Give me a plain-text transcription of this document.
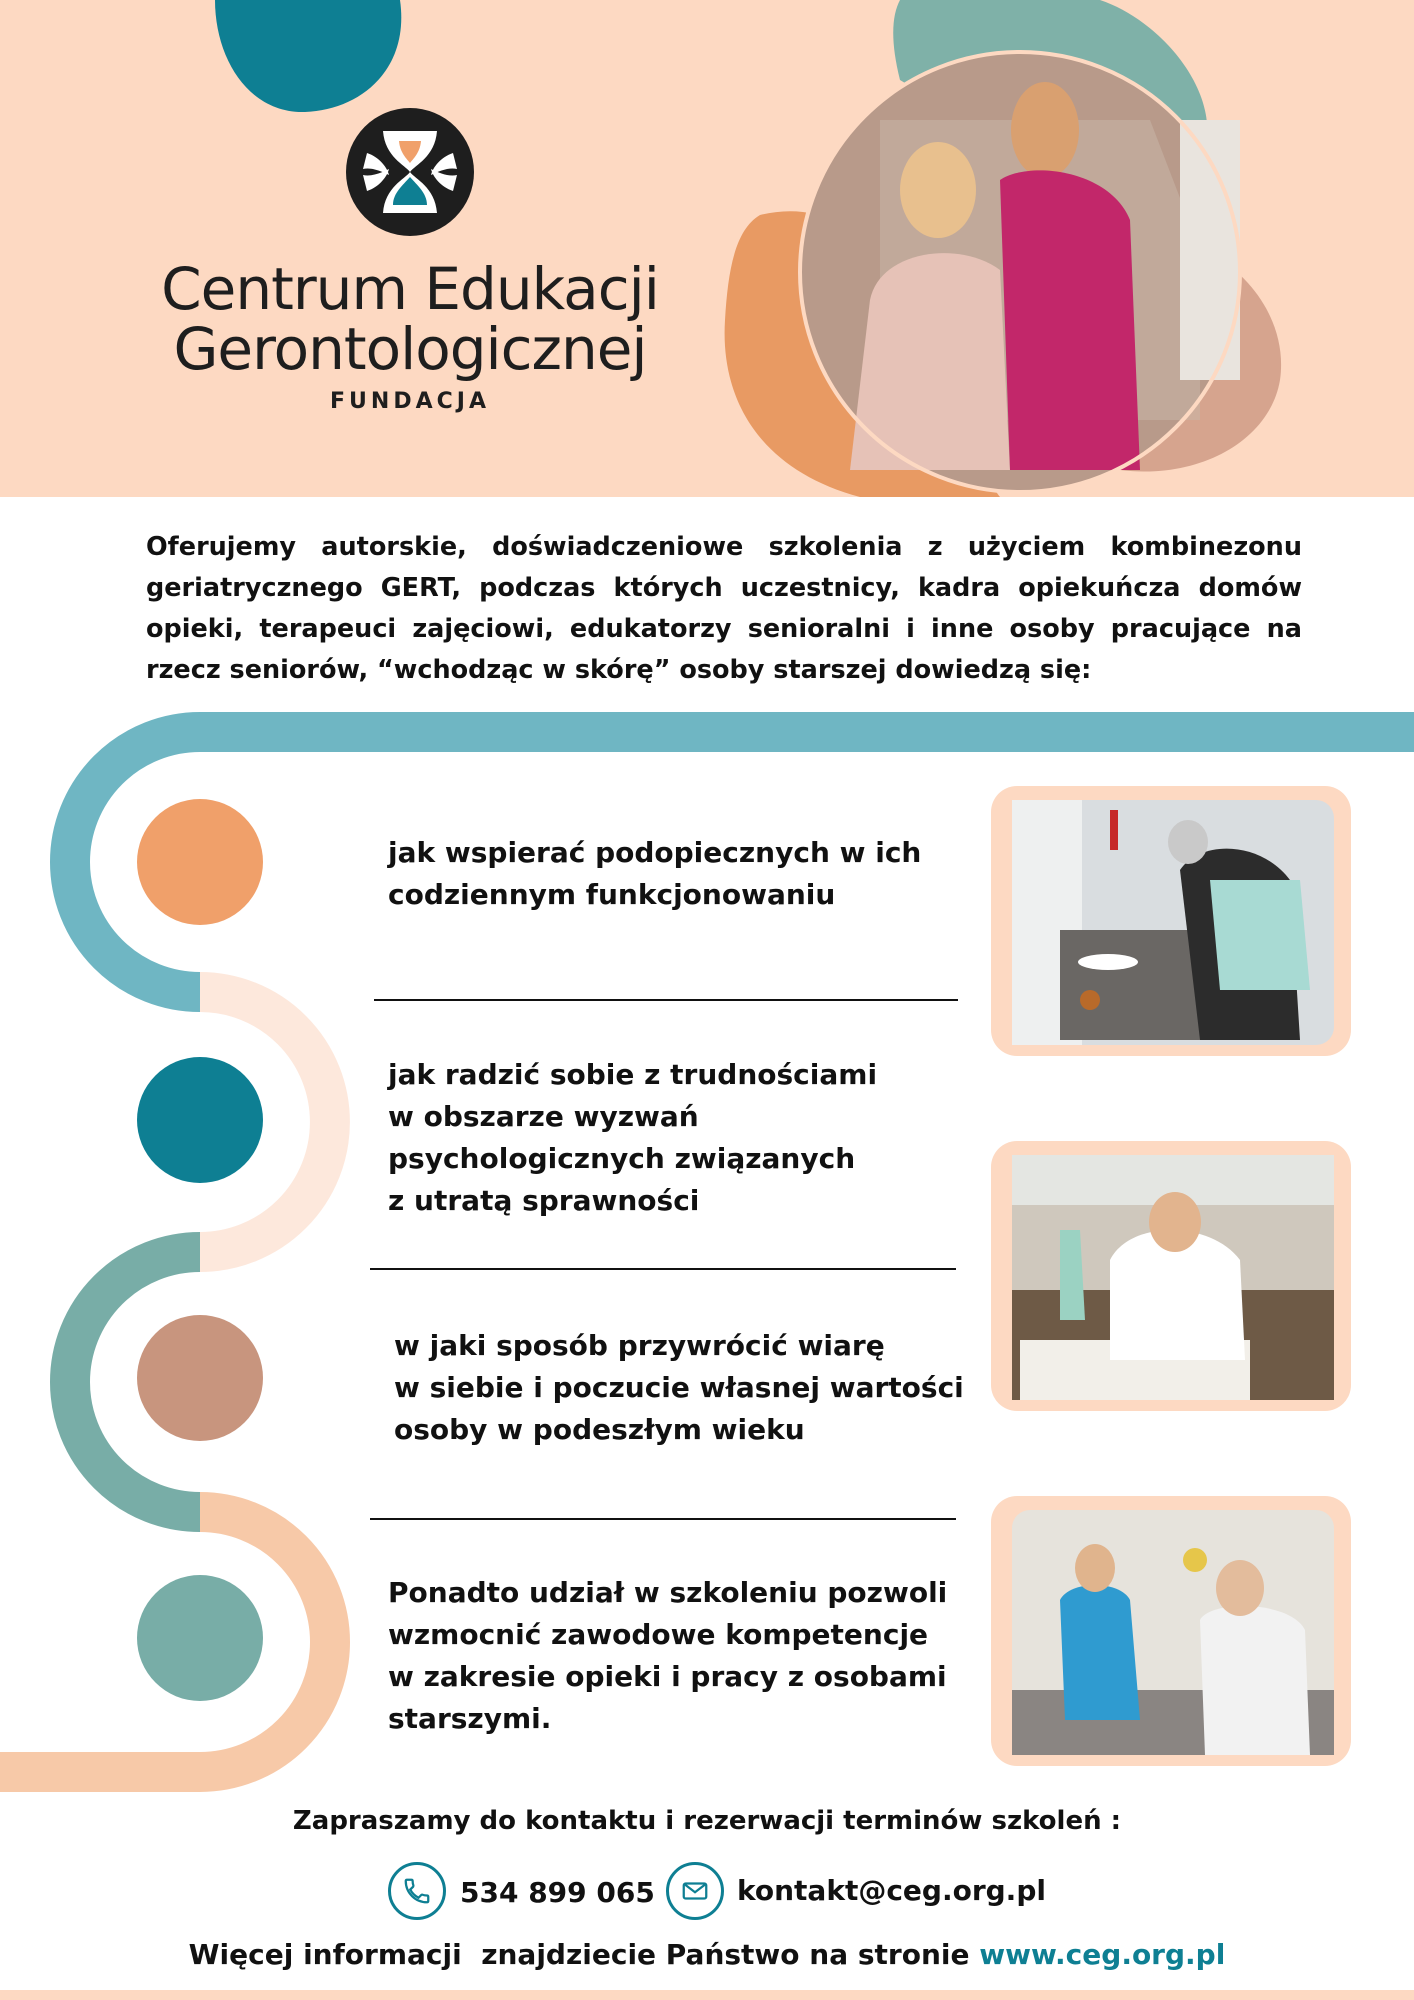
Centrum Edukacji
Gerontologicznej
FUNDACJA
Oferujemy autorskie, doświadczeniowe szkolenia z użyciem kombinezonu geriatrycznego GERT, podczas których uczestnicy, kadra opiekuńcza domów opieki, terapeuci zajęciowi, edukatorzy senioralni i inne osoby pracujące na rzecz seniorów, “wchodząc w skórę” osoby starszej dowiedzą się:
jak wspierać podopiecznych w ich
codziennym funkcjonowaniu
jak radzić sobie z trudnościami
w obszarze wyzwań
psychologicznych związanych
z utratą sprawności
w jaki sposób przywrócić wiarę
w siebie i poczucie własnej wartości
osoby w podeszłym wieku
Ponadto udział w szkoleniu pozwoli
wzmocnić zawodowe kompetencje
w zakresie opieki i pracy z osobami
starszymi.
Zapraszamy do kontaktu i rezerwacji terminów szkoleń :
534 899 065	kontakt@ceg.org.pl
Więcej informacji  znajdziecie Państwo na stronie www.ceg.org.pl
